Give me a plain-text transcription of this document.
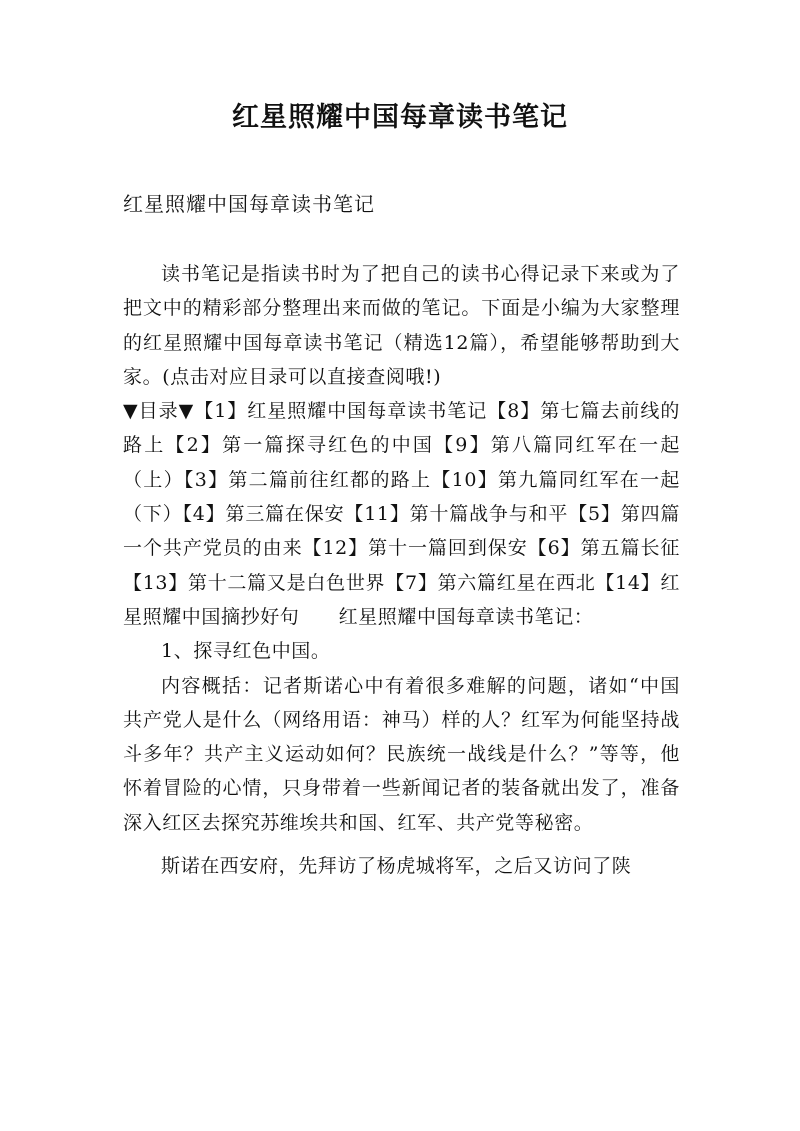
红星照耀中国每章读书笔记
红星照耀中国每章读书笔记

读书笔记是指读书时为了把自己的读书心得记录下来或为了把文中的精彩部分整理出来而做的笔记。下面是小编为大家整理的红星照耀中国每章读书笔记（精选12篇），希望能够帮助到大家。(点击对应目录可以直接查阅哦!)

▼目录▼【1】红星照耀中国每章读书笔记【8】第七篇去前线的路上【2】第一篇探寻红色的中国【9】第八篇同红军在一起（上）【3】第二篇前往红都的路上【10】第九篇同红军在一起（下）【4】第三篇在保安【11】第十篇战争与和平【5】第四篇一个共产党员的由来【12】第十一篇回到保安【6】第五篇长征【13】第十二篇又是白色世界【7】第六篇红星在西北【14】红星照耀中国摘抄好句　　红星照耀中国每章读书笔记：

1、探寻红色中国。

内容概括：记者斯诺心中有着很多难解的问题，诸如“中国共产党人是什么（网络用语：神马）样的人？红军为何能坚持战斗多年？共产主义运动如何？民族统一战线是什么？”等等，他怀着冒险的心情，只身带着一些新闻记者的装备就出发了，准备深入红区去探究苏维埃共和国、红军、共产党等秘密。

斯诺在西安府，先拜访了杨虎城将军，之后又访问了陕
